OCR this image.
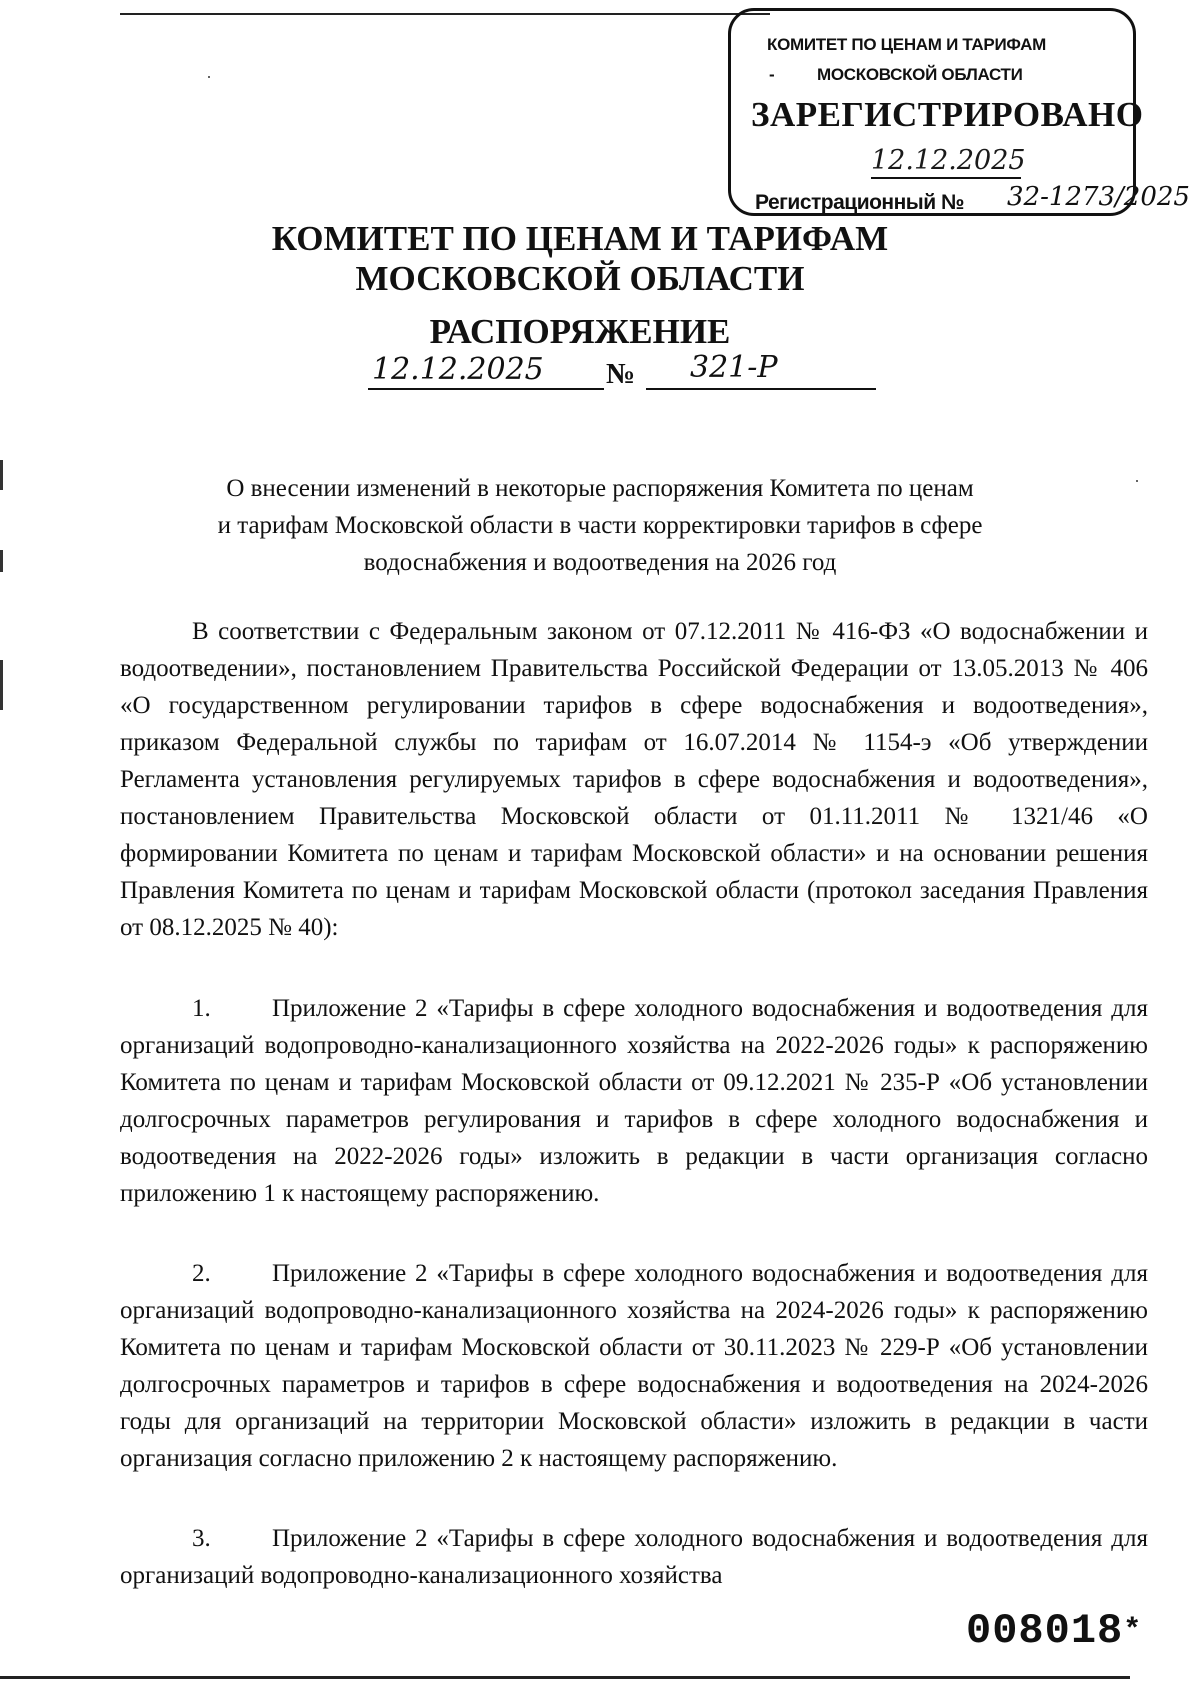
КОМИТЕТ ПО ЦЕНАМ И ТАРИФАМ
- МОСКОВСКОЙ ОБЛАСТИ
ЗАРЕГИСТРИРОВАНО
12.12.2025
Регистрационный № 32-1273/2025
КОМИТЕТ ПО ЦЕНАМ И ТАРИФАМ
МОСКОВСКОЙ ОБЛАСТИ
РАСПОРЯЖЕНИЕ
12.12.2025 № 321-Р
О внесении изменений в некоторые распоряжения Комитета по ценам
и тарифам Московской области в части корректировки тарифов в сфере
водоснабжения и водоотведения на 2026 год
В соответствии с Федеральным законом от 07.12.2011 № 416-ФЗ «О водоснабжении и водоотведении», постановлением Правительства Российской Федерации от 13.05.2013 № 406 «О государственном регулировании тарифов в сфере водоснабжения и водоотведения», приказом Федеральной службы по тарифам от 16.07.2014 № 1154-э «Об утверждении Регламента установления регулируемых тарифов в сфере водоснабжения и водоотведения», постановлением Правительства Московской области от 01.11.2011 № 1321/46 «О формировании Комитета по ценам и тарифам Московской области» и на основании решения Правления Комитета по ценам и тарифам Московской области (протокол заседания Правления от 08.12.2025 № 40):
1. Приложение 2 «Тарифы в сфере холодного водоснабжения и водоотведения для организаций водопроводно-канализационного хозяйства на 2022-2026 годы» к распоряжению Комитета по ценам и тарифам Московской области от 09.12.2021 № 235-Р «Об установлении долгосрочных параметров регулирования и тарифов в сфере холодного водоснабжения и водоотведения на 2022-2026 годы» изложить в редакции в части организация согласно приложению 1 к настоящему распоряжению.
2. Приложение 2 «Тарифы в сфере холодного водоснабжения и водоотведения для организаций водопроводно-канализационного хозяйства на 2024-2026 годы» к распоряжению Комитета по ценам и тарифам Московской области от 30.11.2023 № 229-Р «Об установлении долгосрочных параметров и тарифов в сфере водоснабжения и водоотведения на 2024-2026 годы для организаций на территории Московской области» изложить в редакции в части организация согласно приложению 2 к настоящему распоряжению.
3. Приложение 2 «Тарифы в сфере холодного водоснабжения и водоотведения для организаций водопроводно-канализационного хозяйства
008018*
